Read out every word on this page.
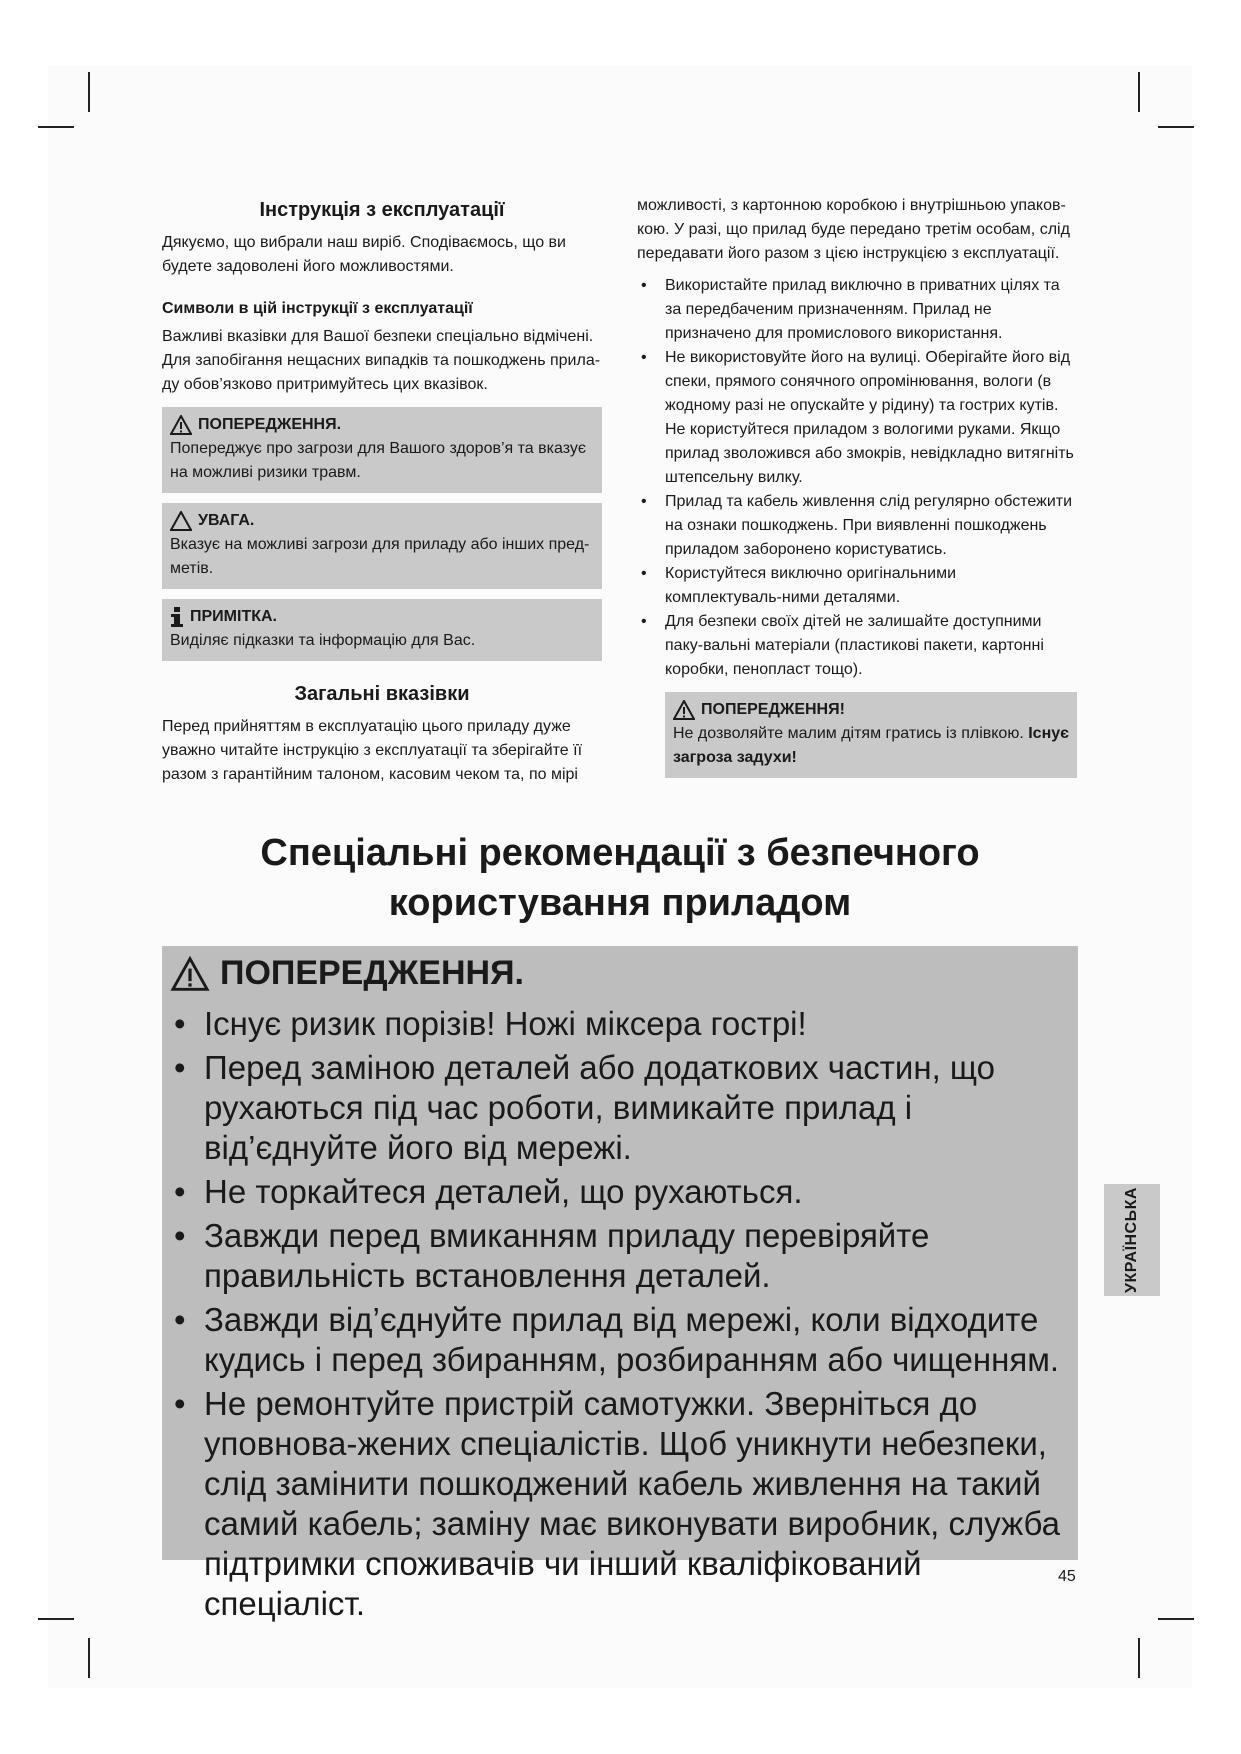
Інструкція з експлуатації

Дякуємо, що вибрали наш виріб. Сподіваємось, що ви будете задоволені його можливостями.

Символи в цій інструкції з експлуатації

Важливі вказівки для Вашої безпеки спеціально відмічені. Для запобігання нещасних випадків та пошкоджень прила-ду обов’язково притримуйтесь цих вказівок.

ПОПЕРЕДЖЕННЯ.

Попереджує про загрози для Вашого здоров’я та вказує на можливі ризики травм.

УВАГА.

Вказує на можливі загрози для приладу або інших пред-метів.

ПРИМІТКА.

Виділяє підказки та інформацію для Вас.

Загальні вказівки

Перед прийняттям в експлуатацію цього приладу дуже уважно читайте інструкцію з експлуатації та зберігайте її разом з гарантійним талоном, касовим чеком та, по мірі

можливості, з картонною коробкою і внутрішньою упаков-кою. У разі, що прилад буде передано третім особам, слід передавати його разом з цією інструкцією з експлуатації.

• Використайте прилад виключно в приватних цілях та за передбаченим призначенням. Прилад не призначено для промислового використання.
• Не використовуйте його на вулиці. Оберігайте його від спеки, прямого сонячного опромінювання, вологи (в жодному разі не опускайте у рідину) та гострих кутів. Не користуйтеся приладом з вологими руками. Якщо прилад зволожився або змокрів, невідкладно витягніть штепсельну вилку.
• Прилад та кабель живлення слід регулярно обстежити на ознаки пошкоджень. При виявленні пошкоджень приладом заборонено користуватись.
• Користуйтеся виключно оригінальними комплектуваль-ними деталями.
• Для безпеки своїх дітей не залишайте доступними паку-вальні матеріали (пластикові пакети, картонні коробки, пенопласт тощо).
ПОПЕРЕДЖЕННЯ!

Не дозволяйте малим дітям гратись із плівкою. Існує загроза задухи!

Спеціальні рекомендації з безпечного користування приладом
ПОПЕРЕДЖЕННЯ.
• Існує ризик порізів! Ножі міксера гострі!
• Перед заміною деталей або додаткових частин, що рухаються під час роботи, вимикайте прилад і від’єднуйте його від мережі.
• Не торкайтеся деталей, що рухаються.
• Завжди перед вмиканням приладу перевіряйте правильність встановлення деталей.
• Завжди від’єднуйте прилад від мережі, коли відходите кудись і перед збиранням, розбиранням або чищенням.
• Не ремонтуйте пристрій самотужки. Зверніться до уповнова-жених спеціалістів. Щоб уникнути небезпеки, слід замінити пошкоджений кабель живлення на такий самий кабель; заміну має виконувати виробник, служба підтримки споживачів чи інший кваліфікований спеціаліст.
УКРАЇНСЬКА
45
